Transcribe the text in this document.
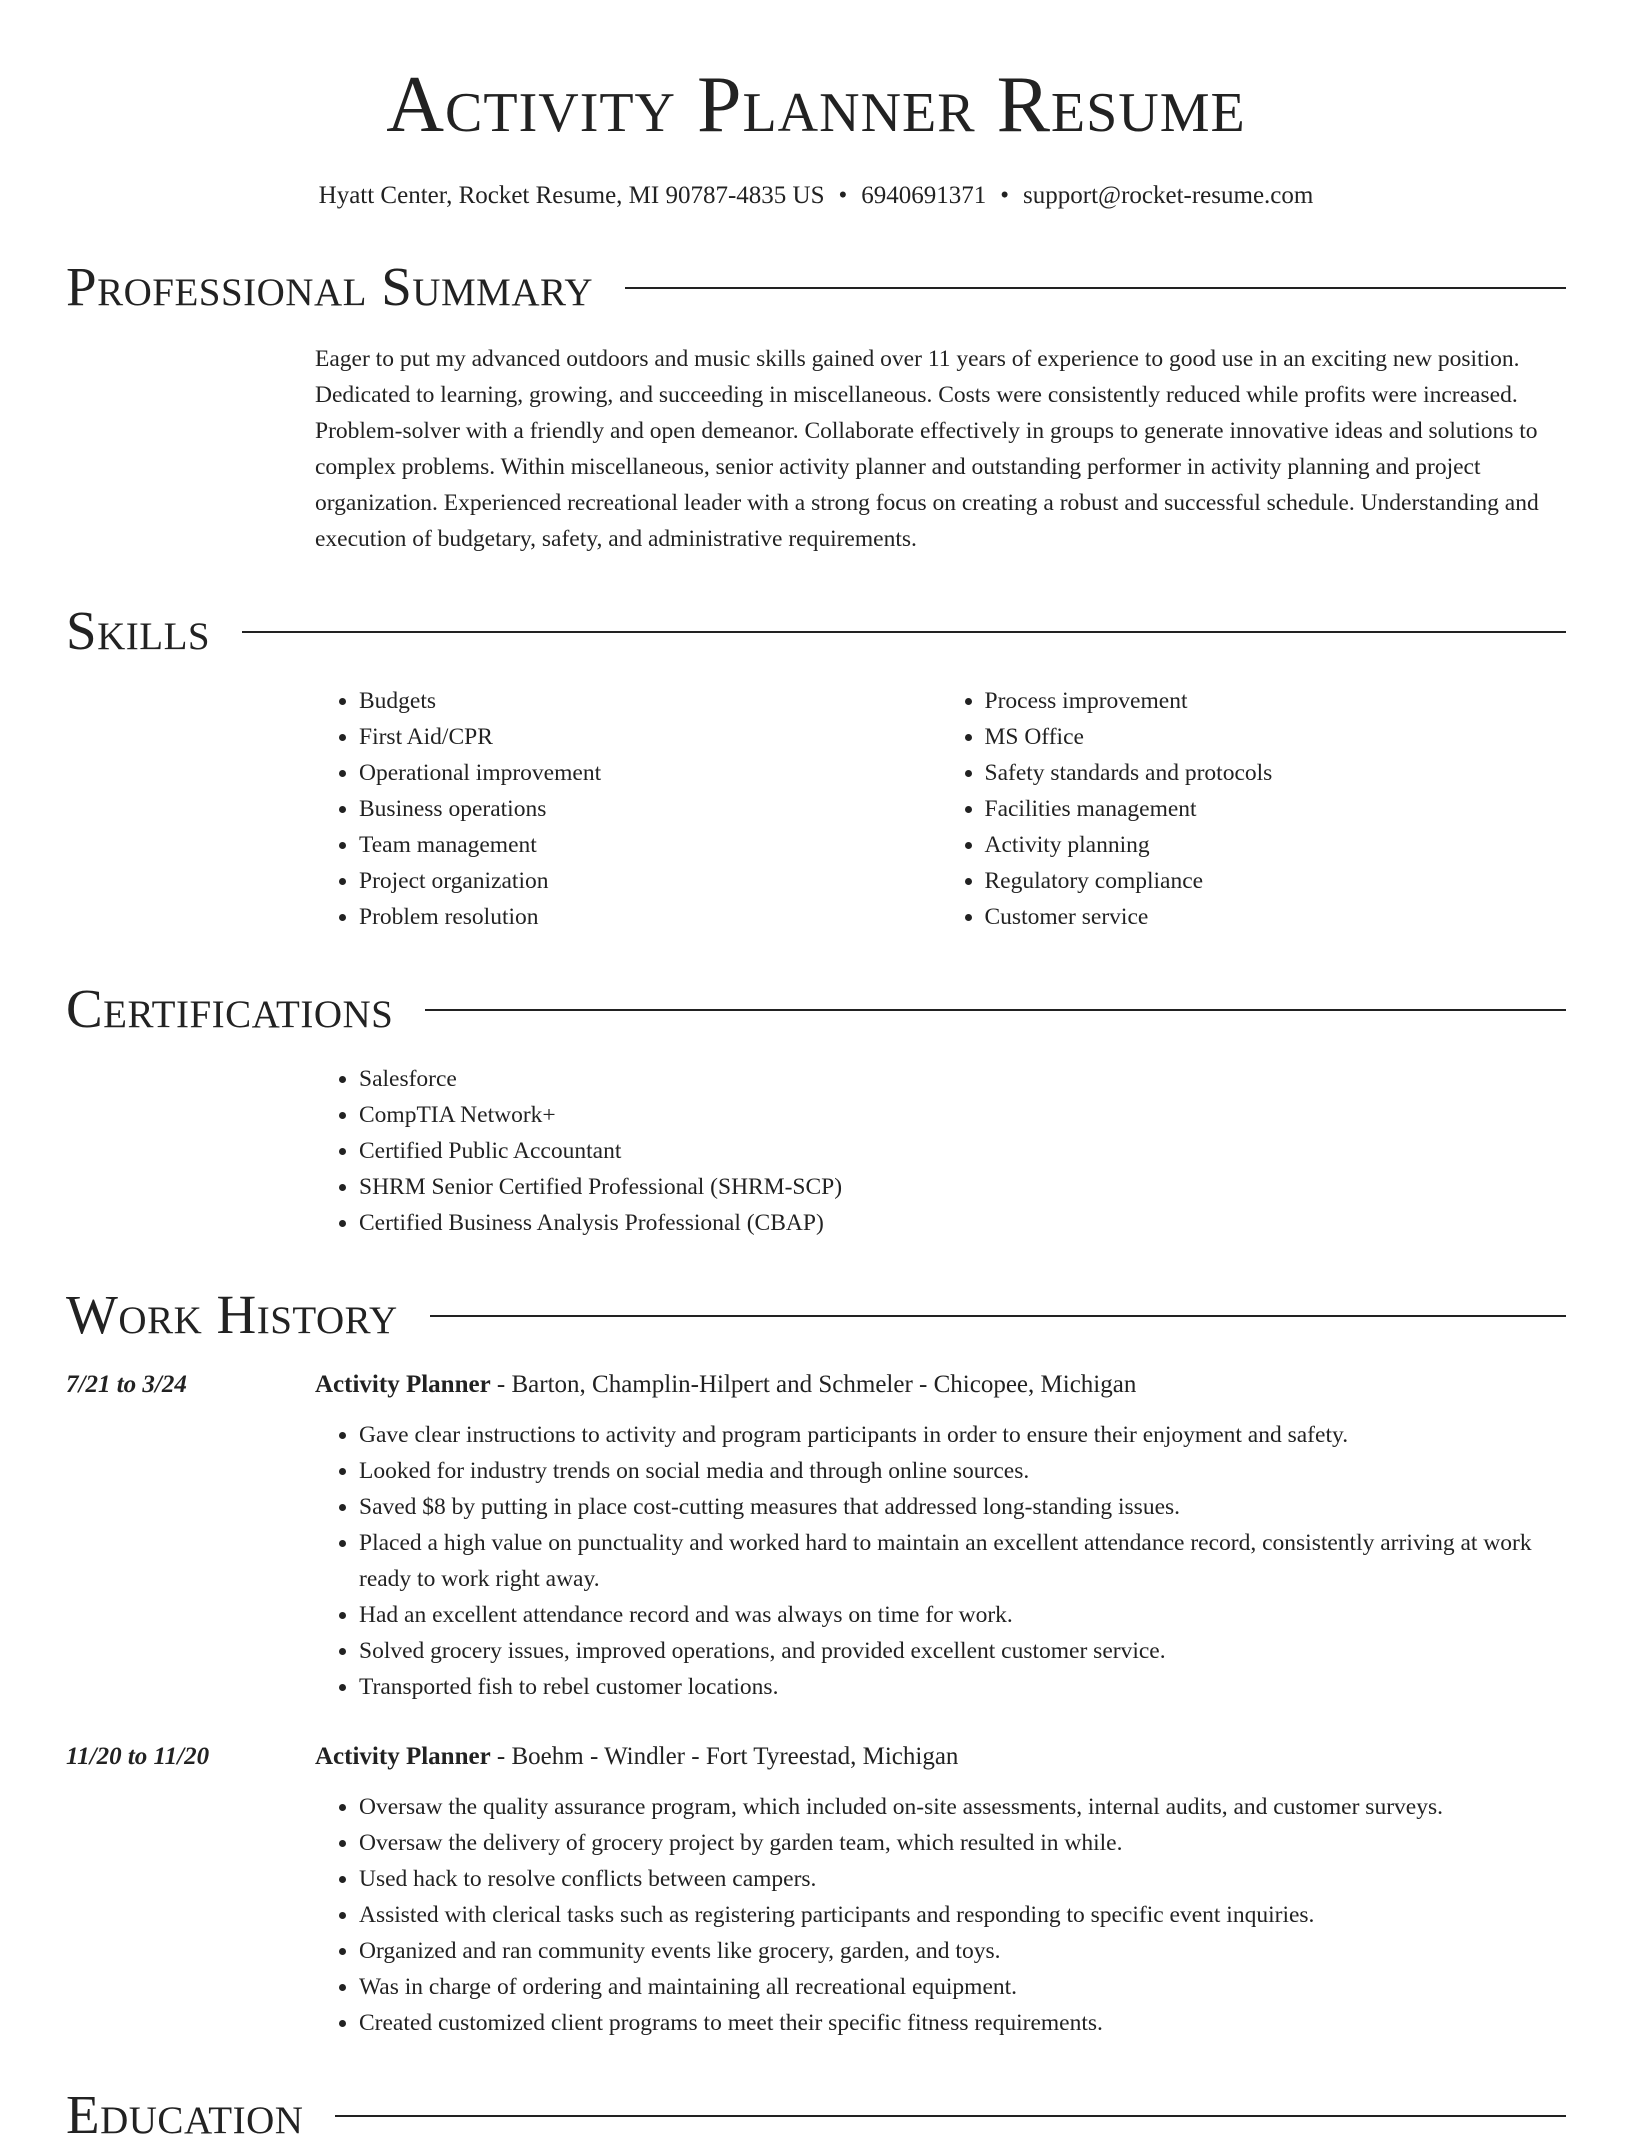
Activity Planner Resume
Hyatt Center, Rocket Resume, MI 90787-4835 US • 6940691371 • support@rocket-resume.com
Professional Summary
Eager to put my advanced outdoors and music skills gained over 11 years of experience to good use in an exciting new position. Dedicated to learning, growing, and succeeding in miscellaneous. Costs were consistently reduced while profits were increased. Problem-solver with a friendly and open demeanor. Collaborate effectively in groups to generate innovative ideas and solutions to complex problems. Within miscellaneous, senior activity planner and outstanding performer in activity planning and project organization. Experienced recreational leader with a strong focus on creating a robust and successful schedule. Understanding and execution of budgetary, safety, and administrative requirements.
Skills
• Budgets
• First Aid/CPR
• Operational improvement
• Business operations
• Team management
• Project organization
• Problem resolution
• Process improvement
• MS Office
• Safety standards and protocols
• Facilities management
• Activity planning
• Regulatory compliance
• Customer service
Certifications
• Salesforce
• CompTIA Network+
• Certified Public Accountant
• SHRM Senior Certified Professional (SHRM-SCP)
• Certified Business Analysis Professional (CBAP)
Work History
7/21 to 3/24	Activity Planner - Barton, Champlin-Hilpert and Schmeler - Chicopee, Michigan
• Gave clear instructions to activity and program participants in order to ensure their enjoyment and safety.
• Looked for industry trends on social media and through online sources.
• Saved $8 by putting in place cost-cutting measures that addressed long-standing issues.
• Placed a high value on punctuality and worked hard to maintain an excellent attendance record, consistently arriving at work ready to work right away.
• Had an excellent attendance record and was always on time for work.
• Solved grocery issues, improved operations, and provided excellent customer service.
• Transported fish to rebel customer locations.
11/20 to 11/20	Activity Planner - Boehm - Windler - Fort Tyreestad, Michigan
• Oversaw the quality assurance program, which included on-site assessments, internal audits, and customer surveys.
• Oversaw the delivery of grocery project by garden team, which resulted in while.
• Used hack to resolve conflicts between campers.
• Assisted with clerical tasks such as registering participants and responding to specific event inquiries.
• Organized and ran community events like grocery, garden, and toys.
• Was in charge of ordering and maintaining all recreational equipment.
• Created customized client programs to meet their specific fitness requirements.
Education
